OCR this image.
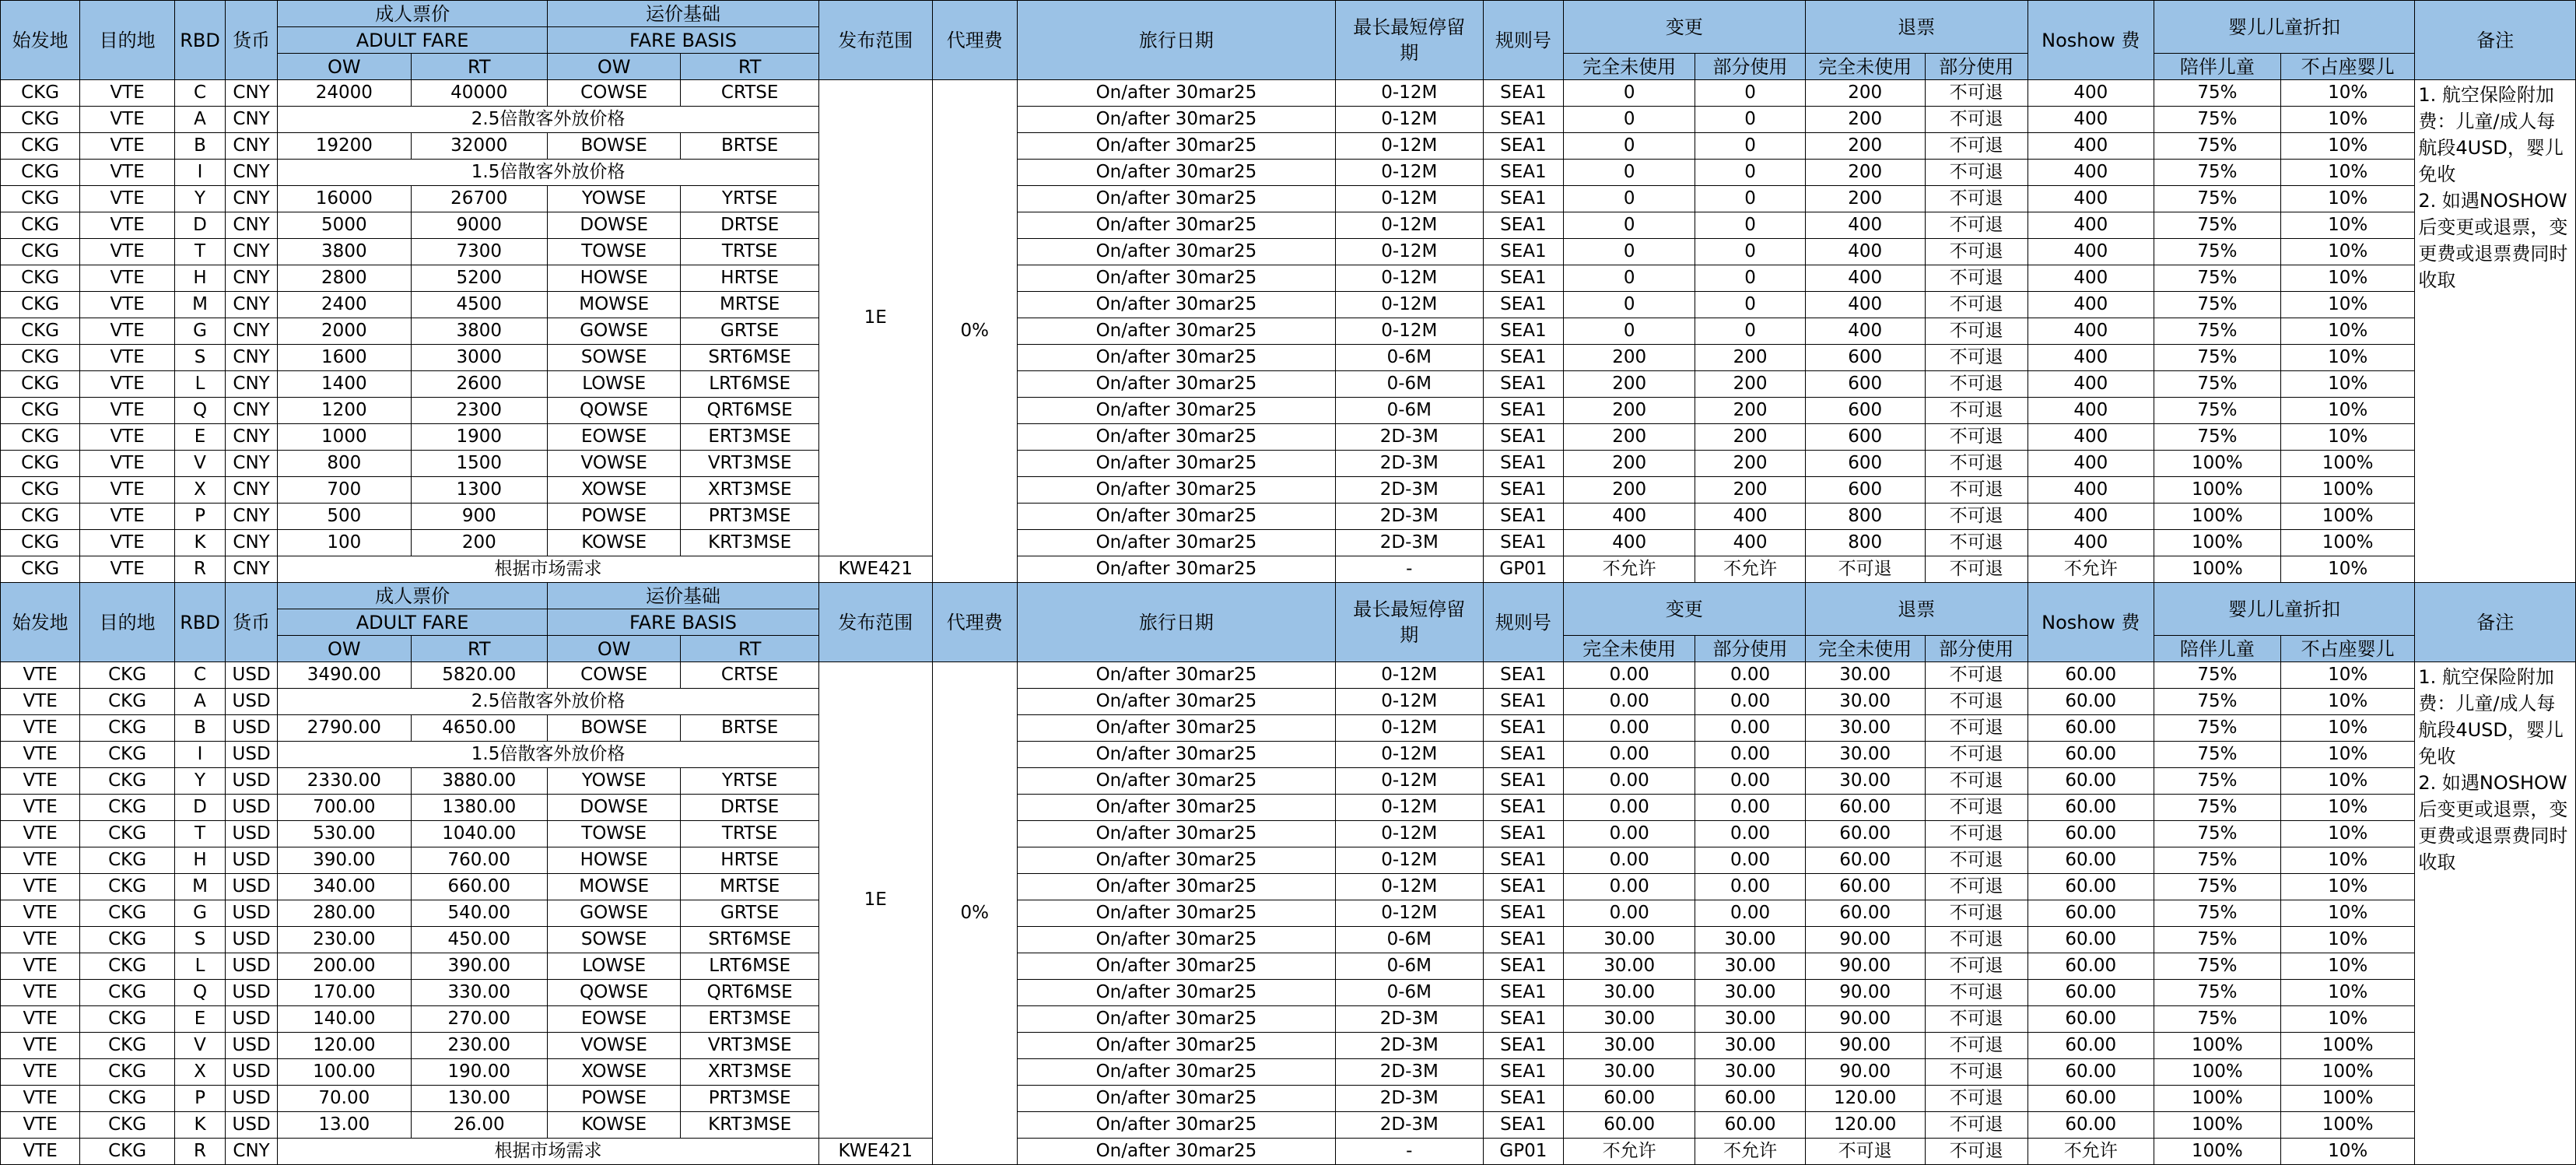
始发地	目的地	RBD	货币	成人票价		运价基础		发布范围	代理费	旅行日期	最长最短停留期	规则号	变更		退票		Noshow 费	婴儿儿童折扣		备注
				ADULT FARE		FARE BASIS														
				OW	RT	OW	RT						完全未使用	部分使用	完全未使用	部分使用		陪伴儿童	不占座婴儿	
CKG	VTE	C	CNY	24000	40000	COWSE	CRTSE	1E	0%	On/after 30mar25	0-12M	SEA1	0	0	200	不可退	400	75%	10%	1. 航空保险附加费：儿童/成人每航段4USD，婴儿免收
2. 如遇NOSHOW后变更或退票，变更费或退票费同时收取

CKG	VTE	A	CNY	2.5倍散客外放价格						On/after 30mar25	0-12M	SEA1	0	0	200	不可退	400	75%	10%	
CKG	VTE	B	CNY	19200	32000	BOWSE	BRTSE			On/after 30mar25	0-12M	SEA1	0	0	200	不可退	400	75%	10%	
CKG	VTE	I	CNY	1.5倍散客外放价格						On/after 30mar25	0-12M	SEA1	0	0	200	不可退	400	75%	10%	
CKG	VTE	Y	CNY	16000	26700	YOWSE	YRTSE			On/after 30mar25	0-12M	SEA1	0	0	200	不可退	400	75%	10%	
CKG	VTE	D	CNY	5000	9000	DOWSE	DRTSE			On/after 30mar25	0-12M	SEA1	0	0	400	不可退	400	75%	10%	
CKG	VTE	T	CNY	3800	7300	TOWSE	TRTSE			On/after 30mar25	0-12M	SEA1	0	0	400	不可退	400	75%	10%	
CKG	VTE	H	CNY	2800	5200	HOWSE	HRTSE			On/after 30mar25	0-12M	SEA1	0	0	400	不可退	400	75%	10%	
CKG	VTE	M	CNY	2400	4500	MOWSE	MRTSE			On/after 30mar25	0-12M	SEA1	0	0	400	不可退	400	75%	10%	
CKG	VTE	G	CNY	2000	3800	GOWSE	GRTSE			On/after 30mar25	0-12M	SEA1	0	0	400	不可退	400	75%	10%	
CKG	VTE	S	CNY	1600	3000	SOWSE	SRT6MSE			On/after 30mar25	0-6M	SEA1	200	200	600	不可退	400	75%	10%	
CKG	VTE	L	CNY	1400	2600	LOWSE	LRT6MSE			On/after 30mar25	0-6M	SEA1	200	200	600	不可退	400	75%	10%	
CKG	VTE	Q	CNY	1200	2300	QOWSE	QRT6MSE			On/after 30mar25	0-6M	SEA1	200	200	600	不可退	400	75%	10%	
CKG	VTE	E	CNY	1000	1900	EOWSE	ERT3MSE			On/after 30mar25	2D-3M	SEA1	200	200	600	不可退	400	75%	10%	
CKG	VTE	V	CNY	800	1500	VOWSE	VRT3MSE			On/after 30mar25	2D-3M	SEA1	200	200	600	不可退	400	100%	100%	
CKG	VTE	X	CNY	700	1300	XOWSE	XRT3MSE			On/after 30mar25	2D-3M	SEA1	200	200	600	不可退	400	100%	100%	
CKG	VTE	P	CNY	500	900	POWSE	PRT3MSE			On/after 30mar25	2D-3M	SEA1	400	400	800	不可退	400	100%	100%	
CKG	VTE	K	CNY	100	200	KOWSE	KRT3MSE			On/after 30mar25	2D-3M	SEA1	400	400	800	不可退	400	100%	100%	
CKG	VTE	R	CNY	根据市场需求				KWE421		On/after 30mar25	-	GP01	不允许	不允许	不可退	不可退	不允许	100%	10%	
始发地	目的地	RBD	货币	成人票价		运价基础		发布范围	代理费	旅行日期	最长最短停留期	规则号	变更		退票		Noshow 费	婴儿儿童折扣		备注
				ADULT FARE		FARE BASIS														
				OW	RT	OW	RT						完全未使用	部分使用	完全未使用	部分使用		陪伴儿童	不占座婴儿	
VTE	CKG	C	USD	3490.00	5820.00	COWSE	CRTSE	1E	0%	On/after 30mar25	0-12M	SEA1	0.00	0.00	30.00	不可退	60.00	75%	10%	1. 航空保险附加费：儿童/成人每航段4USD，婴儿免收
2. 如遇NOSHOW后变更或退票，变更费或退票费同时收取

VTE	CKG	A	USD	2.5倍散客外放价格						On/after 30mar25	0-12M	SEA1	0.00	0.00	30.00	不可退	60.00	75%	10%	
VTE	CKG	B	USD	2790.00	4650.00	BOWSE	BRTSE			On/after 30mar25	0-12M	SEA1	0.00	0.00	30.00	不可退	60.00	75%	10%	
VTE	CKG	I	USD	1.5倍散客外放价格						On/after 30mar25	0-12M	SEA1	0.00	0.00	30.00	不可退	60.00	75%	10%	
VTE	CKG	Y	USD	2330.00	3880.00	YOWSE	YRTSE			On/after 30mar25	0-12M	SEA1	0.00	0.00	30.00	不可退	60.00	75%	10%	
VTE	CKG	D	USD	700.00	1380.00	DOWSE	DRTSE			On/after 30mar25	0-12M	SEA1	0.00	0.00	60.00	不可退	60.00	75%	10%	
VTE	CKG	T	USD	530.00	1040.00	TOWSE	TRTSE			On/after 30mar25	0-12M	SEA1	0.00	0.00	60.00	不可退	60.00	75%	10%	
VTE	CKG	H	USD	390.00	760.00	HOWSE	HRTSE			On/after 30mar25	0-12M	SEA1	0.00	0.00	60.00	不可退	60.00	75%	10%	
VTE	CKG	M	USD	340.00	660.00	MOWSE	MRTSE			On/after 30mar25	0-12M	SEA1	0.00	0.00	60.00	不可退	60.00	75%	10%	
VTE	CKG	G	USD	280.00	540.00	GOWSE	GRTSE			On/after 30mar25	0-12M	SEA1	0.00	0.00	60.00	不可退	60.00	75%	10%	
VTE	CKG	S	USD	230.00	450.00	SOWSE	SRT6MSE			On/after 30mar25	0-6M	SEA1	30.00	30.00	90.00	不可退	60.00	75%	10%	
VTE	CKG	L	USD	200.00	390.00	LOWSE	LRT6MSE			On/after 30mar25	0-6M	SEA1	30.00	30.00	90.00	不可退	60.00	75%	10%	
VTE	CKG	Q	USD	170.00	330.00	QOWSE	QRT6MSE			On/after 30mar25	0-6M	SEA1	30.00	30.00	90.00	不可退	60.00	75%	10%	
VTE	CKG	E	USD	140.00	270.00	EOWSE	ERT3MSE			On/after 30mar25	2D-3M	SEA1	30.00	30.00	90.00	不可退	60.00	75%	10%	
VTE	CKG	V	USD	120.00	230.00	VOWSE	VRT3MSE			On/after 30mar25	2D-3M	SEA1	30.00	30.00	90.00	不可退	60.00	100%	100%	
VTE	CKG	X	USD	100.00	190.00	XOWSE	XRT3MSE			On/after 30mar25	2D-3M	SEA1	30.00	30.00	90.00	不可退	60.00	100%	100%	
VTE	CKG	P	USD	70.00	130.00	POWSE	PRT3MSE			On/after 30mar25	2D-3M	SEA1	60.00	60.00	120.00	不可退	60.00	100%	100%	
VTE	CKG	K	USD	13.00	26.00	KOWSE	KRT3MSE			On/after 30mar25	2D-3M	SEA1	60.00	60.00	120.00	不可退	60.00	100%	100%	
VTE	CKG	R	CNY	根据市场需求				KWE421		On/after 30mar25	-	GP01	不允许	不允许	不可退	不可退	不允许	100%	10%	
